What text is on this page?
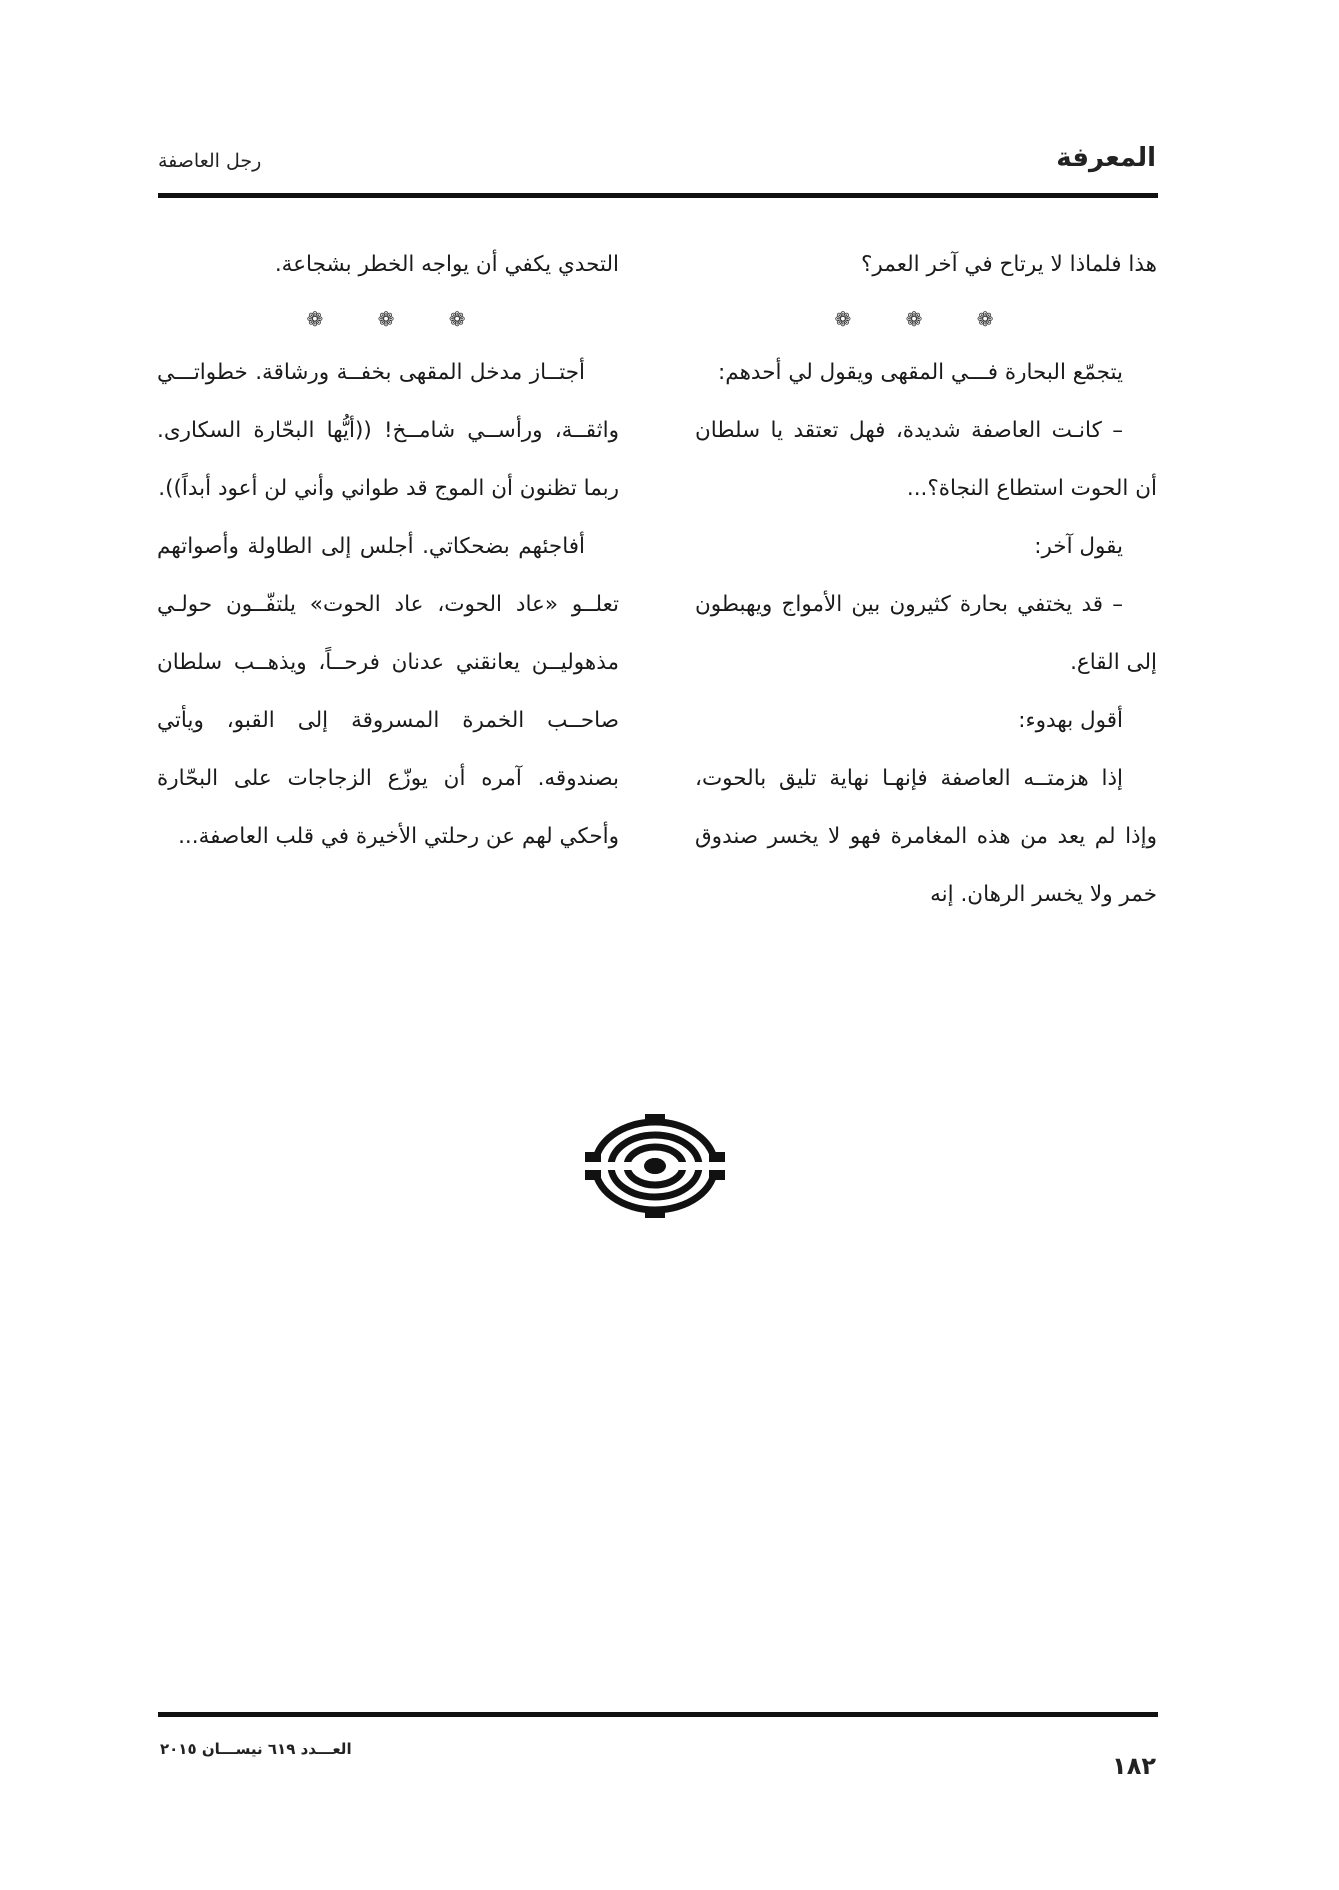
رجل العاصفة	المعرفة

هذا فلماذا لا يرتاح في آخر العمر؟

❁ ❁ ❁

يتجمّع البحارة فـــي المقهى ويقول لي أحدهم:

– كانـت العاصفة شديدة، فهل تعتقد يا سلطان أن الحوت استطاع النجاة؟...

يقول آخر:

– قد يختفي بحارة كثيرون بين الأمواج ويهبطون إلى القاع.

أقول بهدوء:

إذا هزمتــه العاصفة فإنهـا نهاية تليق بالحوت، وإذا لم يعد من هذه المغامرة فهو لا يخسر صندوق خمر ولا يخسر الرهان. إنه

التحدي يكفي أن يواجه الخطر بشجاعة.

❁ ❁ ❁

أجتــاز مدخل المقهى بخفــة ورشاقة. خطواتـــي واثقــة، ورأســي شامــخ! ((أيُّها البحّارة السكارى. ربما تظنون أن الموج قد طواني وأني لن أعود أبداً)).

أفاجئهم بضحكاتي. أجلس إلى الطاولة وأصواتهم تعلــو «عاد الحوت، عاد الحوت» يلتفّــون حولـي مذهوليــن يعانقني عدنان فرحــاً، ويذهــب سلطان صاحــب الخمرة المسروقة إلى القبو، ويأتي بصندوقه. آمره أن يوزّع الزجاجات على البحّارة وأحكي لهم عن رحلتي الأخيرة في قلب العاصفة...

العـــدد ٦١٩ نيســـان ٢٠١٥
١٨٢
